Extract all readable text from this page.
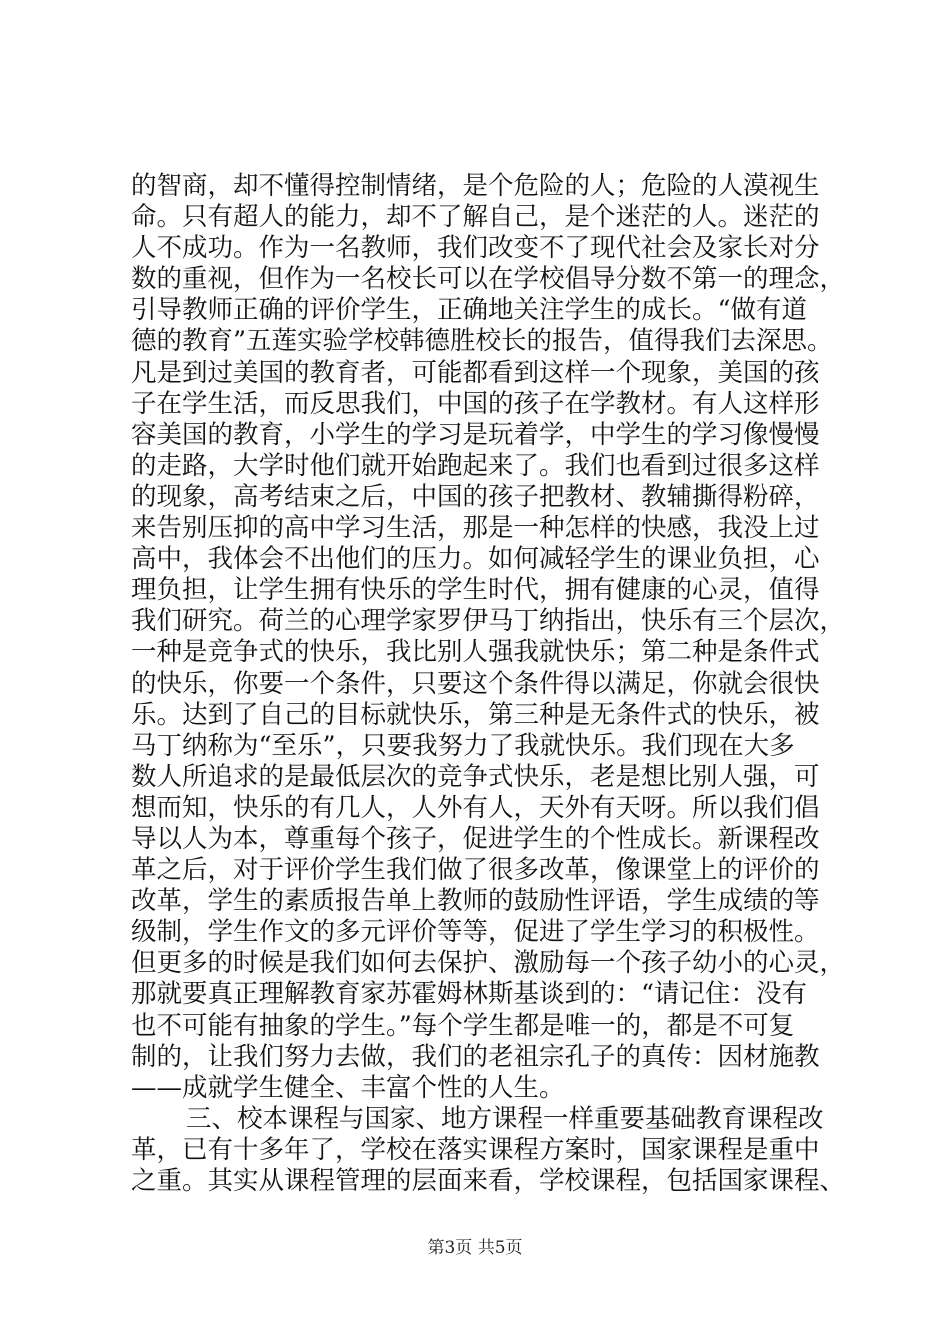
的智商，却不懂得控制情绪，是个危险的人；危险的人漠视生
命。只有超人的能力，却不了解自己，是个迷茫的人。迷茫的
人不成功。作为一名教师，我们改变不了现代社会及家长对分
数的重视，但作为一名校长可以在学校倡导分数不第一的理念，
引导教师正确的评价学生，正确地关注学生的成长。“做有道
德的教育”五莲实验学校韩德胜校长的报告，值得我们去深思。
凡是到过美国的教育者，可能都看到这样一个现象，美国的孩
子在学生活，而反思我们，中国的孩子在学教材。有人这样形
容美国的教育，小学生的学习是玩着学，中学生的学习像慢慢
的走路，大学时他们就开始跑起来了。我们也看到过很多这样
的现象，高考结束之后，中国的孩子把教材、教辅撕得粉碎，
来告别压抑的高中学习生活，那是一种怎样的快感，我没上过
高中，我体会不出他们的压力。如何减轻学生的课业负担，心
理负担，让学生拥有快乐的学生时代，拥有健康的心灵，值得
我们研究。荷兰的心理学家罗伊马丁纳指出，快乐有三个层次，
一种是竞争式的快乐，我比别人强我就快乐；第二种是条件式
的快乐，你要一个条件，只要这个条件得以满足，你就会很快
乐。达到了自己的目标就快乐，第三种是无条件式的快乐，被
马丁纳称为“至乐”，只要我努力了我就快乐。我们现在大多
数人所追求的是最低层次的竞争式快乐，老是想比别人强，可
想而知，快乐的有几人，人外有人，天外有天呀。所以我们倡
导以人为本，尊重每个孩子，促进学生的个性成长。新课程改
革之后，对于评价学生我们做了很多改革，像课堂上的评价的
改革，学生的素质报告单上教师的鼓励性评语，学生成绩的等
级制，学生作文的多元评价等等，促进了学生学习的积极性。
但更多的时候是我们如何去保护、激励每一个孩子幼小的心灵，
那就要真正理解教育家苏霍姆林斯基谈到的：“请记住：没有
也不可能有抽象的学生。”每个学生都是唯一的，都是不可复
制的，让我们努力去做，我们的老祖宗孔子的真传：因材施教
——成就学生健全、丰富个性的人生。
三、校本课程与国家、地方课程一样重要基础教育课程改
革，已有十多年了，学校在落实课程方案时，国家课程是重中
之重。其实从课程管理的层面来看，学校课程，包括国家课程、
第3页 共5页
